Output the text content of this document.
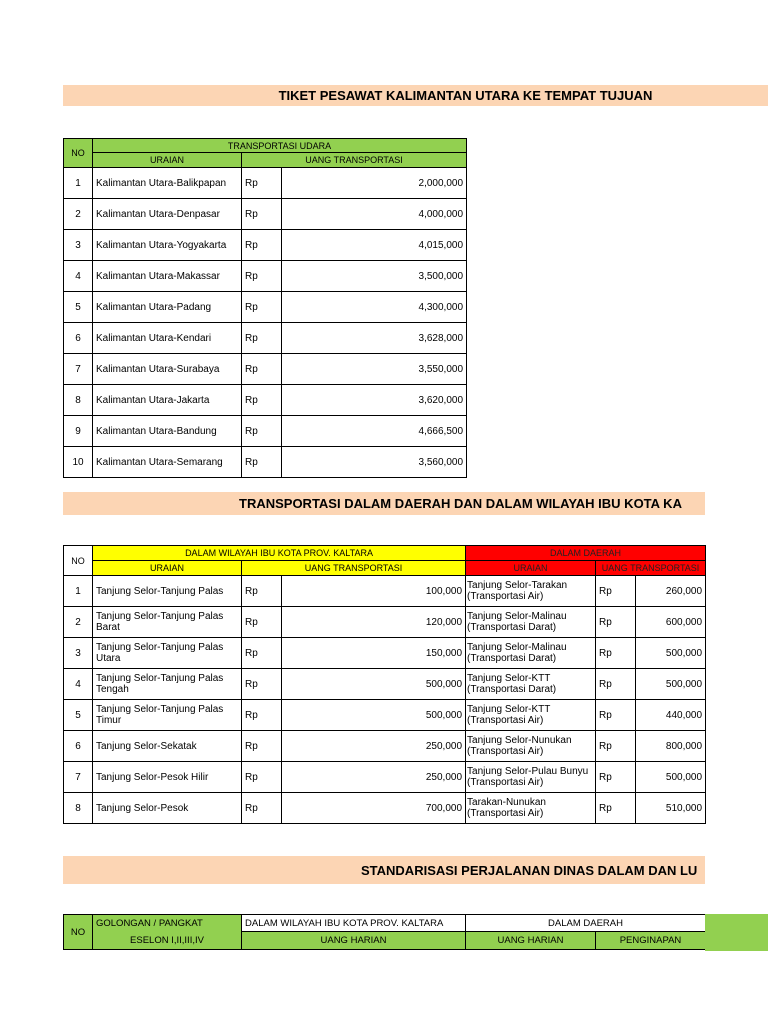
TIKET PESAWAT KALIMANTAN UTARA KE TEMPAT TUJUAN
NO	TRANSPORTASI UDARA		
	URAIAN	UANG TRANSPORTASI	
1	Kalimantan Utara-Balikpapan	Rp	2,000,000
2	Kalimantan Utara-Denpasar	Rp	4,000,000
3	Kalimantan Utara-Yogyakarta	Rp	4,015,000
4	Kalimantan Utara-Makassar	Rp	3,500,000
5	Kalimantan Utara-Padang	Rp	4,300,000
6	Kalimantan Utara-Kendari	Rp	3,628,000
7	Kalimantan Utara-Surabaya	Rp	3,550,000
8	Kalimantan Utara-Jakarta	Rp	3,620,000
9	Kalimantan Utara-Bandung	Rp	4,666,500
10	Kalimantan Utara-Semarang	Rp	3,560,000
TRANSPORTASI DALAM DAERAH DAN DALAM WILAYAH IBU KOTA KA
NO	DALAM WILAYAH IBU KOTA PROV. KALTARA			DALAM DAERAH		
	URAIAN	UANG TRANSPORTASI		URAIAN	UANG TRANSPORTASI	
1	Tanjung Selor-Tanjung Palas	Rp	100,000	Tanjung Selor-Tarakan (Transportasi Air)	Rp	260,000
2	Tanjung Selor-Tanjung Palas Barat	Rp	120,000	Tanjung Selor-Malinau (Transportasi Darat)	Rp	600,000
3	Tanjung Selor-Tanjung Palas Utara	Rp	150,000	Tanjung Selor-Malinau (Transportasi Darat)	Rp	500,000
4	Tanjung Selor-Tanjung Palas Tengah	Rp	500,000	Tanjung Selor-KTT (Transportasi Darat)	Rp	500,000
5	Tanjung Selor-Tanjung Palas Timur	Rp	500,000	Tanjung Selor-KTT (Transportasi Air)	Rp	440,000
6	Tanjung Selor-Sekatak	Rp	250,000	Tanjung Selor-Nunukan (Transportasi Air)	Rp	800,000
7	Tanjung Selor-Pesok Hilir	Rp	250,000	Tanjung Selor-Pulau Bunyu (Transportasi Air)	Rp	500,000
8	Tanjung Selor-Pesok	Rp	700,000	Tarakan-Nunukan (Transportasi Air)	Rp	510,000
STANDARISASI PERJALANAN DINAS DALAM DAN LU
NO	GOLONGAN / PANGKAT	DALAM WILAYAH IBU KOTA PROV. KALTARA	DALAM DAERAH	
	ESELON I,II,III,IV	UANG HARIAN	UANG HARIAN	PENGINAPAN
